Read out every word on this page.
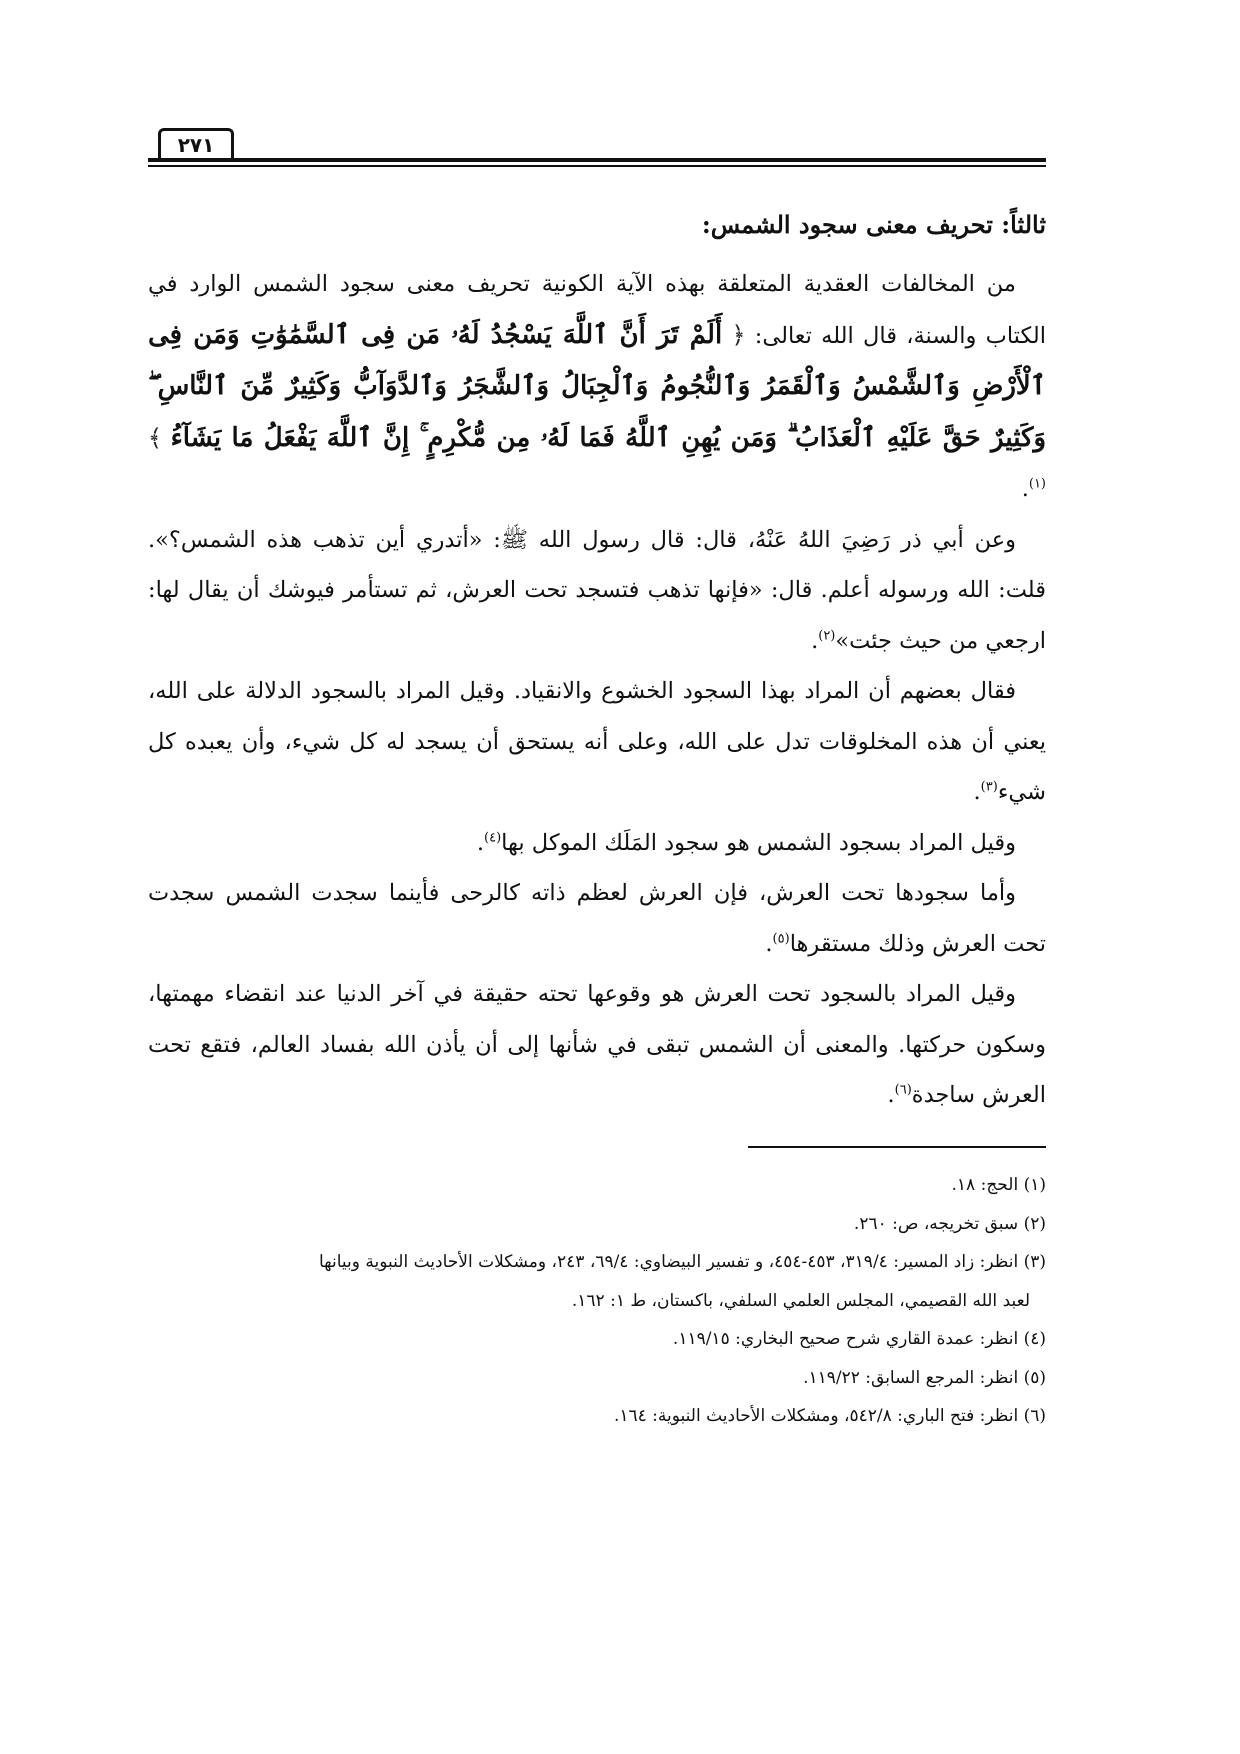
٢٧١
ثالثاً: تحريف معنى سجود الشمس:

من المخالفات العقدية المتعلقة بهذه الآية الكونية تحريف معنى سجود الشمس الوارد في الكتاب والسنة، قال الله تعالى: ﴿ أَلَمْ تَرَ أَنَّ ٱللَّهَ يَسْجُدُ لَهُۥ مَن فِى ٱلسَّمَٰوَٰتِ وَمَن فِى ٱلْأَرْضِ وَٱلشَّمْسُ وَٱلْقَمَرُ وَٱلنُّجُومُ وَٱلْجِبَالُ وَٱلشَّجَرُ وَٱلدَّوَآبُّ وَكَثِيرٌ مِّنَ ٱلنَّاسِ ۖ وَكَثِيرٌ حَقَّ عَلَيْهِ ٱلْعَذَابُ ۗ وَمَن يُهِنِ ٱللَّهُ فَمَا لَهُۥ مِن مُّكْرِمٍ ۚ إِنَّ ٱللَّهَ يَفْعَلُ مَا يَشَآءُ ﴾$^{(١)}$.

وعن أبي ذر رَضِيَ اللهُ عَنْهُ، قال: قال رسول الله ﷺ: «أتدري أين تذهب هذه الشمس؟». قلت: الله ورسوله أعلم. قال: «فإنها تذهب فتسجد تحت العرش، ثم تستأمر فيوشك أن يقال لها: ارجعي من حيث جئت»$^{(٢)}$.

فقال بعضهم أن المراد بهذا السجود الخشوع والانقياد. وقيل المراد بالسجود الدلالة على الله، يعني أن هذه المخلوقات تدل على الله، وعلى أنه يستحق أن يسجد له كل شيء، وأن يعبده كل شيء$^{(٣)}$.

وقيل المراد بسجود الشمس هو سجود المَلَك الموكل بها$^{(٤)}$.

وأما سجودها تحت العرش، فإن العرش لعظم ذاته كالرحى فأينما سجدت الشمس سجدت تحت العرش وذلك مستقرها$^{(٥)}$.

وقيل المراد بالسجود تحت العرش هو وقوعها تحته حقيقة في آخر الدنيا عند انقضاء مهمتها، وسكون حركتها. والمعنى أن الشمس تبقى في شأنها إلى أن يأذن الله بفساد العالم، فتقع تحت العرش ساجدة$^{(٦)}$.

(١) الحج: ١٨.

(٢) سبق تخريجه، ص: ٢٦٠.

(٣) انظر: زاد المسير: ٣١٩/٤، ٤٥٣-٤٥٤، و تفسير البيضاوي: ٦٩/٤، ٢٤٣، ومشكلات الأحاديث النبوية وبيانها

لعبد الله القصيمي، المجلس العلمي السلفي، باكستان، ط ١: ١٦٢.

(٤) انظر: عمدة القاري شرح صحيح البخاري: ١١٩/١٥.

(٥) انظر: المرجع السابق: ١١٩/٢٢.

(٦) انظر: فتح الباري: ٥٤٢/٨، ومشكلات الأحاديث النبوية: ١٦٤.
